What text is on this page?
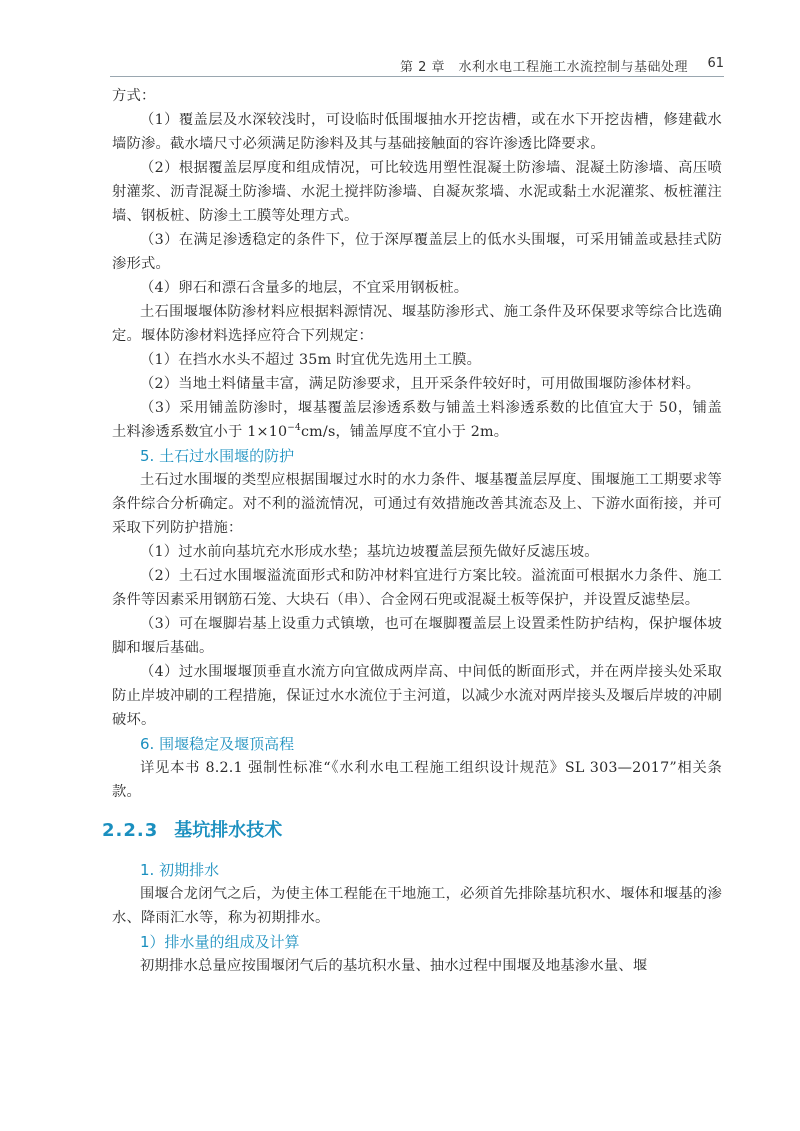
第 2 章　水利水电工程施工水流控制与基础处理 61

方式：

（1）覆盖层及水深较浅时，可设临时低围堰抽水开挖齿槽，或在水下开挖齿槽，修建截水墙防渗。截水墙尺寸必须满足防渗料及其与基础接触面的容许渗透比降要求。

（2）根据覆盖层厚度和组成情况，可比较选用塑性混凝土防渗墙、混凝土防渗墙、高压喷射灌浆、沥青混凝土防渗墙、水泥土搅拌防渗墙、自凝灰浆墙、水泥或黏土水泥灌浆、板桩灌注墙、钢板桩、防渗土工膜等处理方式。

（3）在满足渗透稳定的条件下，位于深厚覆盖层上的低水头围堰，可采用铺盖或悬挂式防渗形式。

（4）卵石和漂石含量多的地层，不宜采用钢板桩。

土石围堰堰体防渗材料应根据料源情况、堰基防渗形式、施工条件及环保要求等综合比选确定。堰体防渗材料选择应符合下列规定：

（1）在挡水水头不超过 35m 时宜优先选用土工膜。

（2）当地土料储量丰富，满足防渗要求，且开采条件较好时，可用做围堰防渗体材料。

（3）采用铺盖防渗时，堰基覆盖层渗透系数与铺盖土料渗透系数的比值宜大于 50，铺盖土料渗透系数宜小于 $1\times 10^{-4}cm/s$，铺盖厚度不宜小于 2m。

5. 土石过水围堰的防护

土石过水围堰的类型应根据围堰过水时的水力条件、堰基覆盖层厚度、围堰施工工期要求等条件综合分析确定。对不利的溢流情况，可通过有效措施改善其流态及上、下游水面衔接，并可采取下列防护措施：

（1）过水前向基坑充水形成水垫；基坑边坡覆盖层预先做好反滤压坡。

（2）土石过水围堰溢流面形式和防冲材料宜进行方案比较。溢流面可根据水力条件、施工条件等因素采用钢筋石笼、大块石（串）、合金网石兜或混凝土板等保护，并设置反滤垫层。

（3）可在堰脚岩基上设重力式镇墩，也可在堰脚覆盖层上设置柔性防护结构，保护堰体坡脚和堰后基础。

（4）过水围堰堰顶垂直水流方向宜做成两岸高、中间低的断面形式，并在两岸接头处采取防止岸坡冲刷的工程措施，保证过水水流位于主河道，以减少水流对两岸接头及堰后岸坡的冲刷破坏。

6. 围堰稳定及堰顶高程

详见本书 8.2.1 强制性标准“《水利水电工程施工组织设计规范》SL 303—2017”相关条款。

2.2.3 基坑排水技术
1. 初期排水

围堰合龙闭气之后，为使主体工程能在干地施工，必须首先排除基坑积水、堰体和堰基的渗水、降雨汇水等，称为初期排水。

1）排水量的组成及计算

初期排水总量应按围堰闭气后的基坑积水量、抽水过程中围堰及地基渗水量、堰
